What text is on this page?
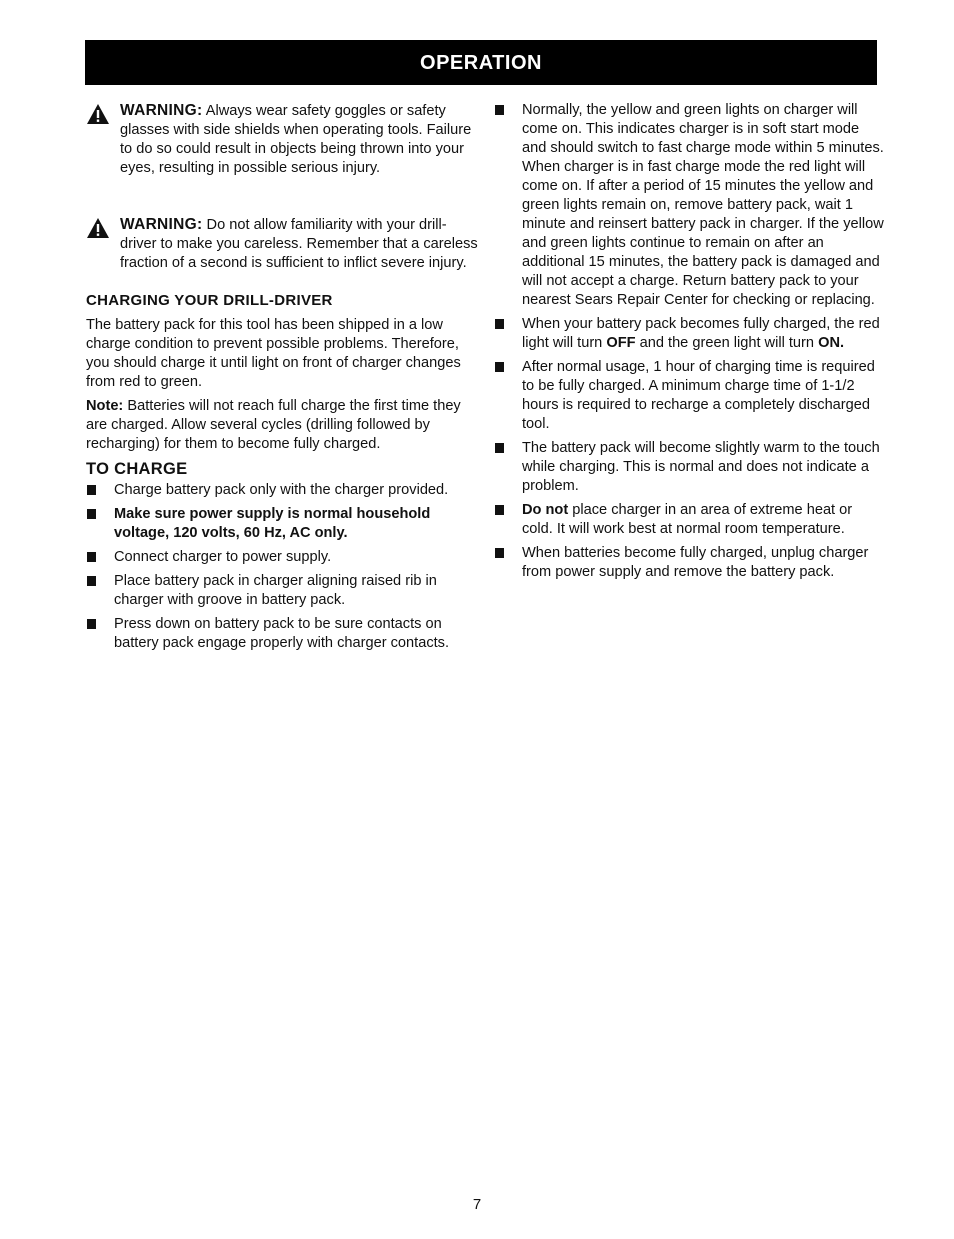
OPERATION

WARNING: Always wear safety goggles or safety glasses with side shields when operating tools. Failure to do so could result in objects being thrown into your eyes, resulting in possible serious injury.

WARNING: Do not allow familiarity with your drill-driver to make you careless. Remember that a careless fraction of a second is sufficient to inflict severe injury.

CHARGING YOUR DRILL-DRIVER

The battery pack for this tool has been shipped in a low charge condition to prevent possible problems. Therefore, you should charge it until light on front of charger changes from red to green.

Note: Batteries will not reach full charge the first time they are charged. Allow several cycles (drilling followed by recharging) for them to become fully charged.

TO CHARGE

Charge battery pack only with the charger provided.
Make sure power supply is normal household voltage, 120 volts, 60 Hz, AC only.
Connect charger to power supply.
Place battery pack in charger aligning raised rib in charger with groove in battery pack.
Press down on battery pack to be sure contacts on battery pack engage properly with charger contacts.
Normally, the yellow and green lights on charger will come on. This indicates charger is in soft start mode and should switch to fast charge mode within 5 minutes. When charger is in fast charge mode the red light will come on. If after a period of 15 minutes the yellow and green lights remain on, remove battery pack, wait 1 minute and reinsert battery pack in charger. If the yellow and green lights continue to remain on after an additional 15 minutes, the battery pack is damaged and will not accept a charge. Return battery pack to your nearest Sears Repair Center for checking or replacing.
When your battery pack becomes fully charged, the red light will turn OFF and the green light will turn ON.
After normal usage, 1 hour of charging time is required to be fully charged. A minimum charge time of 1-1/2 hours is required to recharge a completely discharged tool.
The battery pack will become slightly warm to the touch while charging. This is normal and does not indicate a problem.
Do not place charger in an area of extreme heat or cold. It will work best at normal room temperature.
When batteries become fully charged, unplug charger from power supply and remove the battery pack.
7
